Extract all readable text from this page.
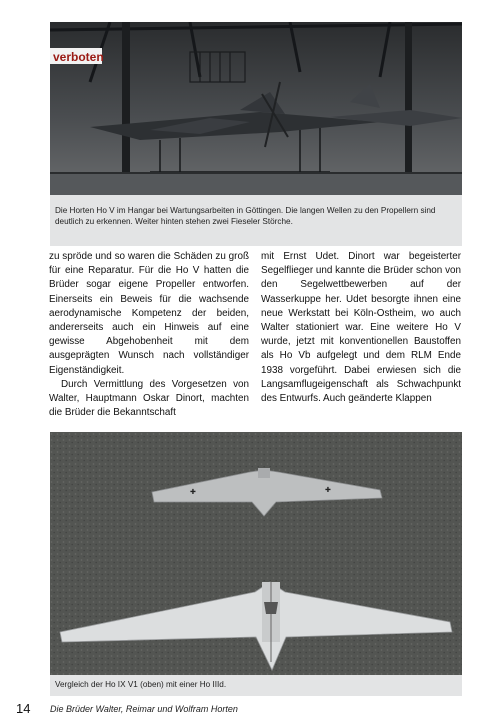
verboten
Die Horten Ho V im Hangar bei Wartungsarbeiten in Göttingen. Die langen Wellen zu den Propellern sind deutlich zu erkennen. Weiter hinten stehen zwei Fieseler Störche.

zu spröde und so waren die Schäden zu groß für eine Reparatur. Für die Ho V hatten die Brüder sogar eigene Propeller entworfen. Einerseits ein Beweis für die wachsende aerodynamische Kompetenz der beiden, andererseits auch ein Hinweis auf eine gewisse Abgehobenheit mit dem ausgeprägten Wunsch nach vollständiger Eigenständigkeit.

Durch Vermittlung des Vorgesetzen von Walter, Hauptmann Oskar Dinort, machten die Brüder die Bekanntschaft

mit Ernst Udet. Dinort war begeisterter Segelflieger und kannte die Brüder schon von den Segelwettbewerben auf der Wasserkuppe her. Udet besorgte ihnen eine neue Werkstatt bei Köln-Ostheim, wo auch Walter stationiert war. Eine weitere Ho V wurde, jetzt mit konventionellen Baustoffen als Ho Vb aufgelegt und dem RLM Ende 1938 vorgeführt. Dabei erwiesen sich die Langsamflugeigenschaft als Schwachpunkt des Entwurfs. Auch geänderte Klappen

✚	✚
Vergleich der Ho IX V1 (oben) mit einer Ho IIId.
14 Die Brüder Walter, Reimar und Wolfram Horten
